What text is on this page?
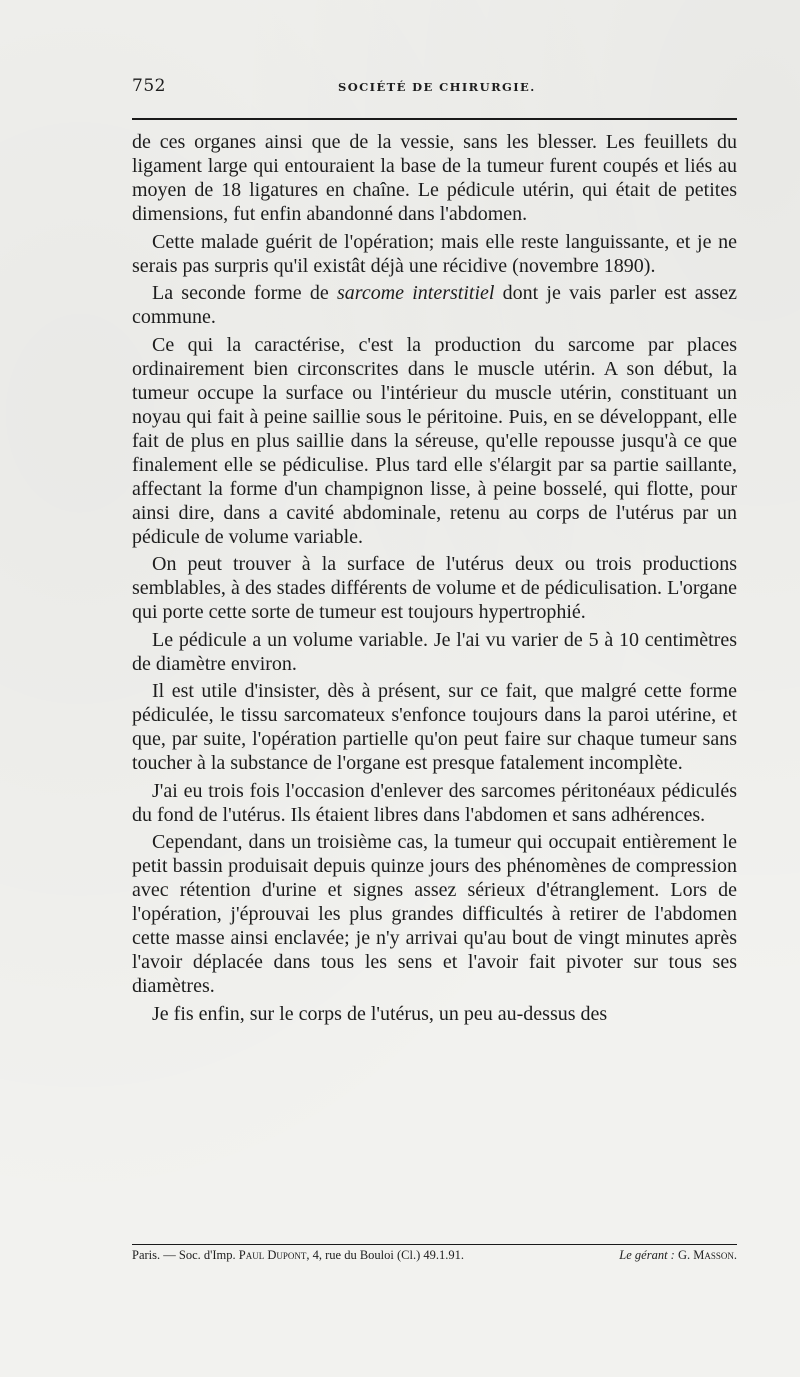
752	SOCIÉTÉ DE CHIRURGIE.

de ces organes ainsi que de la vessie, sans les blesser. Les feuillets du ligament large qui entouraient la base de la tumeur furent coupés et liés au moyen de 18 ligatures en chaîne. Le pédicule utérin, qui était de petites dimensions, fut enfin abandonné dans l'abdomen.

Cette malade guérit de l'opération; mais elle reste languissante, et je ne serais pas surpris qu'il existât déjà une récidive (novembre 1890).

La seconde forme de sarcome interstitiel dont je vais parler est assez commune.

Ce qui la caractérise, c'est la production du sarcome par places ordinairement bien circonscrites dans le muscle utérin. A son début, la tumeur occupe la surface ou l'intérieur du muscle utérin, constituant un noyau qui fait à peine saillie sous le péritoine. Puis, en se développant, elle fait de plus en plus saillie dans la séreuse, qu'elle repousse jusqu'à ce que finalement elle se pédiculise. Plus tard elle s'élargit par sa partie saillante, affectant la forme d'un champignon lisse, à peine bosselé, qui flotte, pour ainsi dire, dans a cavité abdominale, retenu au corps de l'utérus par un pédicule de volume variable.

On peut trouver à la surface de l'utérus deux ou trois productions semblables, à des stades différents de volume et de pédiculisation. L'organe qui porte cette sorte de tumeur est toujours hypertrophié.

Le pédicule a un volume variable. Je l'ai vu varier de 5 à 10 centimètres de diamètre environ.

Il est utile d'insister, dès à présent, sur ce fait, que malgré cette forme pédiculée, le tissu sarcomateux s'enfonce toujours dans la paroi utérine, et que, par suite, l'opération partielle qu'on peut faire sur chaque tumeur sans toucher à la substance de l'organe est presque fatalement incomplète.

J'ai eu trois fois l'occasion d'enlever des sarcomes péritonéaux pédiculés du fond de l'utérus. Ils étaient libres dans l'abdomen et sans adhérences.

Cependant, dans un troisième cas, la tumeur qui occupait entièrement le petit bassin produisait depuis quinze jours des phénomènes de compression avec rétention d'urine et signes assez sérieux d'étranglement. Lors de l'opération, j'éprouvai les plus grandes difficultés à retirer de l'abdomen cette masse ainsi enclavée; je n'y arrivai qu'au bout de vingt minutes après l'avoir déplacée dans tous les sens et l'avoir fait pivoter sur tous ses diamètres.

Je fis enfin, sur le corps de l'utérus, un peu au-dessus des

Paris. — Soc. d'Imp. Paul Dupont, 4, rue du Bouloi (Cl.) 49.1.91.	Le gérant : G. Masson.
